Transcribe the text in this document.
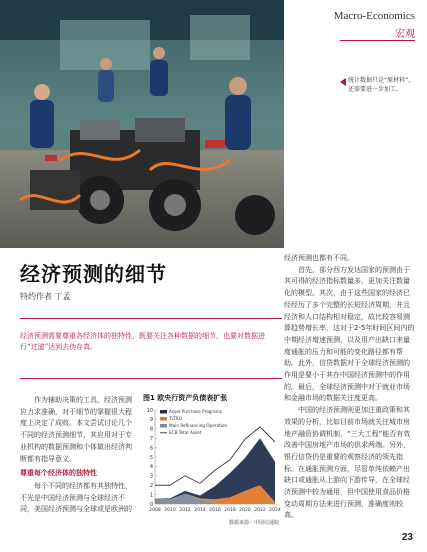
Macro-Economics
宏观
统计数据只是“原材料”，还需要进一步加工。
经济预测的细节
特约作者 丁孟
经济预测需要尊重各经济体的独特性，既要关注各种数据的细节，也要对数据进行“过滤”达到去伪存真。

作为辅助决策的工具，经济预测应力求准确，对于细节的掌握很大程度上决定了成败。本文尝试讨论几个不同的经济预测细节，其应用对于专业机构的数据预测和个体做出经济判断都有指导意义。

尊重每个经济体的独特性

每个不同的经济都有其独特性，不光是中国经济预测与全球经济不同，美国经济预测与全球或是欧洲的

图1 欧央行资产负债表扩张
0
1
2
3
4
5
6
7
8
9
10
2008 2010 2012 2014 2016 2018 2020 2022 2024
Asset Purchase Programs
TLTRO
Main Refinancing Operation
ECB Total Asset
数据来源：中国信通院

经济预测也都有不同。

首先，部分西方发达国家的预测由于其可得的经济指标数量多，更加关注数量化的模型。其次，由于这些国家的经济已经经历了多个完整的长短经济周期，并且经济和人口结构相对稳定，故比较容易测算趋势增长率，这对于2-5年时间区间内的中期经济增速预测，以及用产出缺口来量度通胀的压力和可能的变化路径都有帮助。此外，信贷数据对于全球经济预测的作用是要小于其在中国经济预测中的作用的。最后，全球经济预测中对于就业市场和金融市场的数据关注度更高。

中国的经济预测则更加注重政策和其效果的分析，比如目前市场就关注城市房地产融资协调机制，“三大工程”能否有效改善中国房地产市场的供求两端。另外，银行信贷仍是重要的观察经济的领先指标。在通胀预测方面，尽管单纯依赖产出缺口或通胀从上游向下游传导，在全球经济预测中较为通用，但中国使用食品价格变动周期方法来进行预测，准确度则较高。

23
